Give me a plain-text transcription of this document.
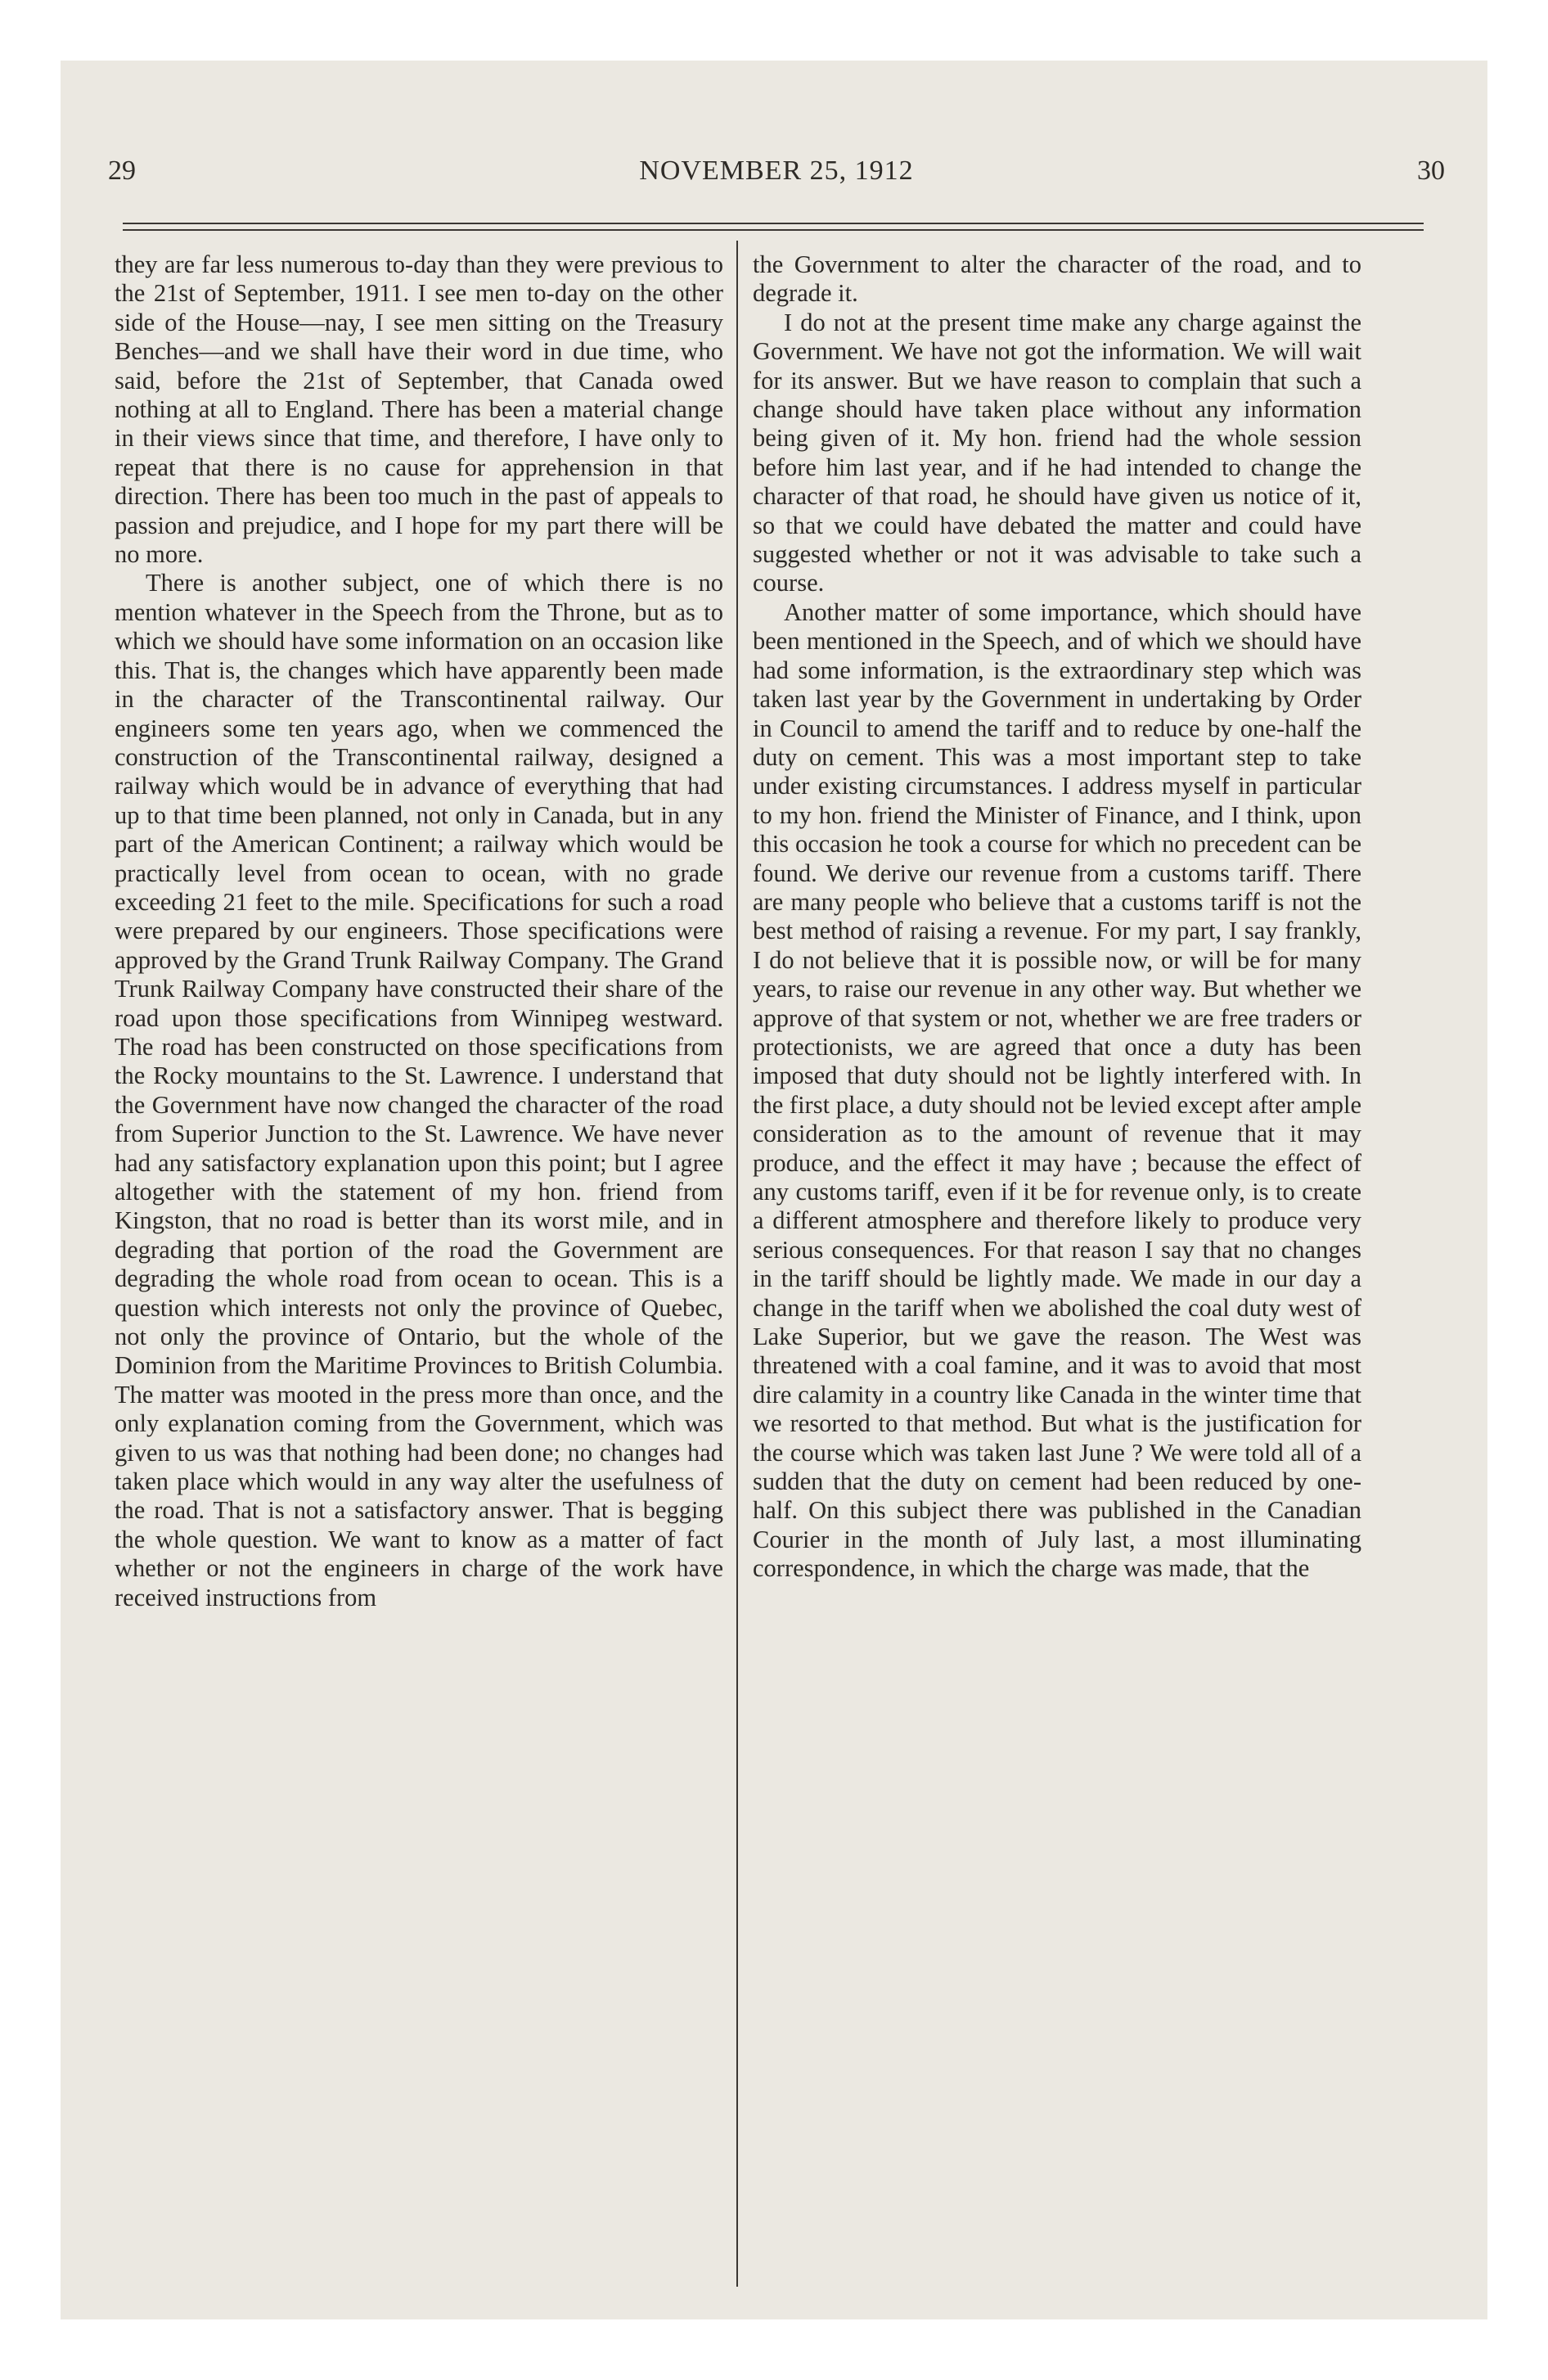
29	NOVEMBER 25, 1912	30

they are far less numerous to-day than they were previous to the 21st of September, 1911. I see men to-day on the other side of the House—nay, I see men sitting on the Treasury Benches—and we shall have their word in due time, who said, before the 21st of September, that Canada owed nothing at all to England. There has been a material change in their views since that time, and therefore, I have only to repeat that there is no cause for apprehension in that direction. There has been too much in the past of appeals to passion and prejudice, and I hope for my part there will be no more.

There is another subject, one of which there is no mention whatever in the Speech from the Throne, but as to which we should have some information on an occasion like this. That is, the changes which have apparently been made in the character of the Transcontinental railway. Our engineers some ten years ago, when we commenced the construction of the Transcontinental railway, designed a railway which would be in advance of everything that had up to that time been planned, not only in Canada, but in any part of the American Continent; a railway which would be practically level from ocean to ocean, with no grade exceeding 21 feet to the mile. Specifications for such a road were prepared by our engineers. Those specifications were approved by the Grand Trunk Railway Company. The Grand Trunk Railway Company have constructed their share of the road upon those specifications from Winnipeg westward. The road has been constructed on those specifications from the Rocky mountains to the St. Lawrence. I understand that the Government have now changed the character of the road from Superior Junction to the St. Lawrence. We have never had any satisfactory explanation upon this point; but I agree altogether with the statement of my hon. friend from Kingston, that no road is better than its worst mile, and in degrading that portion of the road the Government are degrading the whole road from ocean to ocean. This is a question which interests not only the province of Quebec, not only the province of Ontario, but the whole of the Dominion from the Maritime Provinces to British Columbia. The matter was mooted in the press more than once, and the only explanation coming from the Government, which was given to us was that nothing had been done; no changes had taken place which would in any way alter the usefulness of the road. That is not a satisfactory answer. That is begging the whole question. We want to know as a matter of fact whether or not the engineers in charge of the work have received instructions from

the Government to alter the character of the road, and to degrade it.

I do not at the present time make any charge against the Government. We have not got the information. We will wait for its answer. But we have reason to complain that such a change should have taken place without any information being given of it. My hon. friend had the whole session before him last year, and if he had intended to change the character of that road, he should have given us notice of it, so that we could have debated the matter and could have suggested whether or not it was advisable to take such a course.

Another matter of some importance, which should have been mentioned in the Speech, and of which we should have had some information, is the extraordinary step which was taken last year by the Government in undertaking by Order in Council to amend the tariff and to reduce by one-half the duty on cement. This was a most important step to take under existing circumstances. I address myself in particular to my hon. friend the Minister of Finance, and I think, upon this occasion he took a course for which no precedent can be found. We derive our revenue from a customs tariff. There are many people who believe that a customs tariff is not the best method of raising a revenue. For my part, I say frankly, I do not believe that it is possible now, or will be for many years, to raise our revenue in any other way. But whether we approve of that system or not, whether we are free traders or protectionists, we are agreed that once a duty has been imposed that duty should not be lightly interfered with. In the first place, a duty should not be levied except after ample consideration as to the amount of revenue that it may produce, and the effect it may have ; because the effect of any customs tariff, even if it be for revenue only, is to create a different atmosphere and therefore likely to produce very serious consequences. For that reason I say that no changes in the tariff should be lightly made. We made in our day a change in the tariff when we abolished the coal duty west of Lake Superior, but we gave the reason. The West was threatened with a coal famine, and it was to avoid that most dire calamity in a country like Canada in the winter time that we resorted to that method. But what is the justification for the course which was taken last June ? We were told all of a sudden that the duty on cement had been reduced by one-half. On this subject there was published in the Canadian Courier in the month of July last, a most illuminating correspondence, in which the charge was made, that the
